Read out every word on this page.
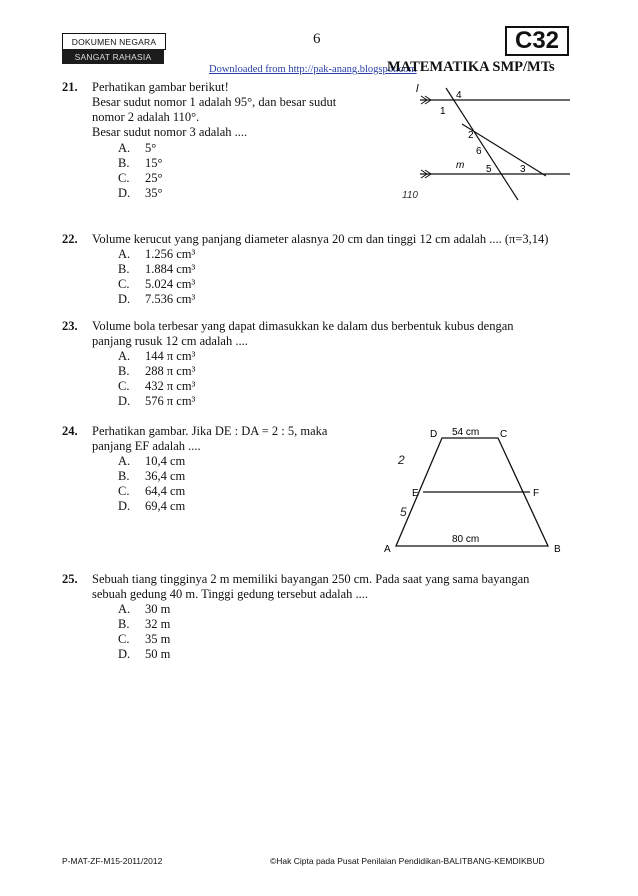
DOKUMEN NEGARA
SANGAT RAHASIA
6	C32
Downloaded from http://pak-anang.blogspot.com
MATEMATIKA SMP/MTs
21. Perhatikan gambar berikut!
Besar sudut nomor 1 adalah 95°, dan besar sudut
nomor 2 adalah 110°.
Besar sudut nomor 3 adalah ....
A. 5°
B. 15°
C. 25°
D. 35°
l
4
1
2
6
m 5	3
110
22. Volume kerucut yang panjang diameter alasnya 20 cm dan tinggi 12 cm adalah .... (π=3,14)
A. 1.256 cm³
B. 1.884 cm³
C. 5.024 cm³
D. 7.536 cm³
23. Volume bola terbesar yang dapat dimasukkan ke dalam dus berbentuk kubus dengan
panjang rusuk 12 cm adalah ....
A. 144 π cm³
B. 288 π cm³
C. 432 π cm³
D. 576 π cm³
24. Perhatikan gambar. Jika DE : DA = 2 : 5, maka
panjang EF adalah ....
A. 10,4 cm
B. 36,4 cm
C. 64,4 cm
D. 69,4 cm
D 54 cm C
E	F
A	B
80 cm
2
5
25. Sebuah tiang tingginya 2 m memiliki bayangan 250 cm. Pada saat yang sama bayangan
sebuah gedung 40 m. Tinggi gedung tersebut adalah ....
A. 30 m
B. 32 m
C. 35 m
D. 50 m
P-MAT-ZF-M15-2011/2012	©Hak Cipta pada Pusat Penilaian Pendidikan-BALITBANG-KEMDIKBUD
